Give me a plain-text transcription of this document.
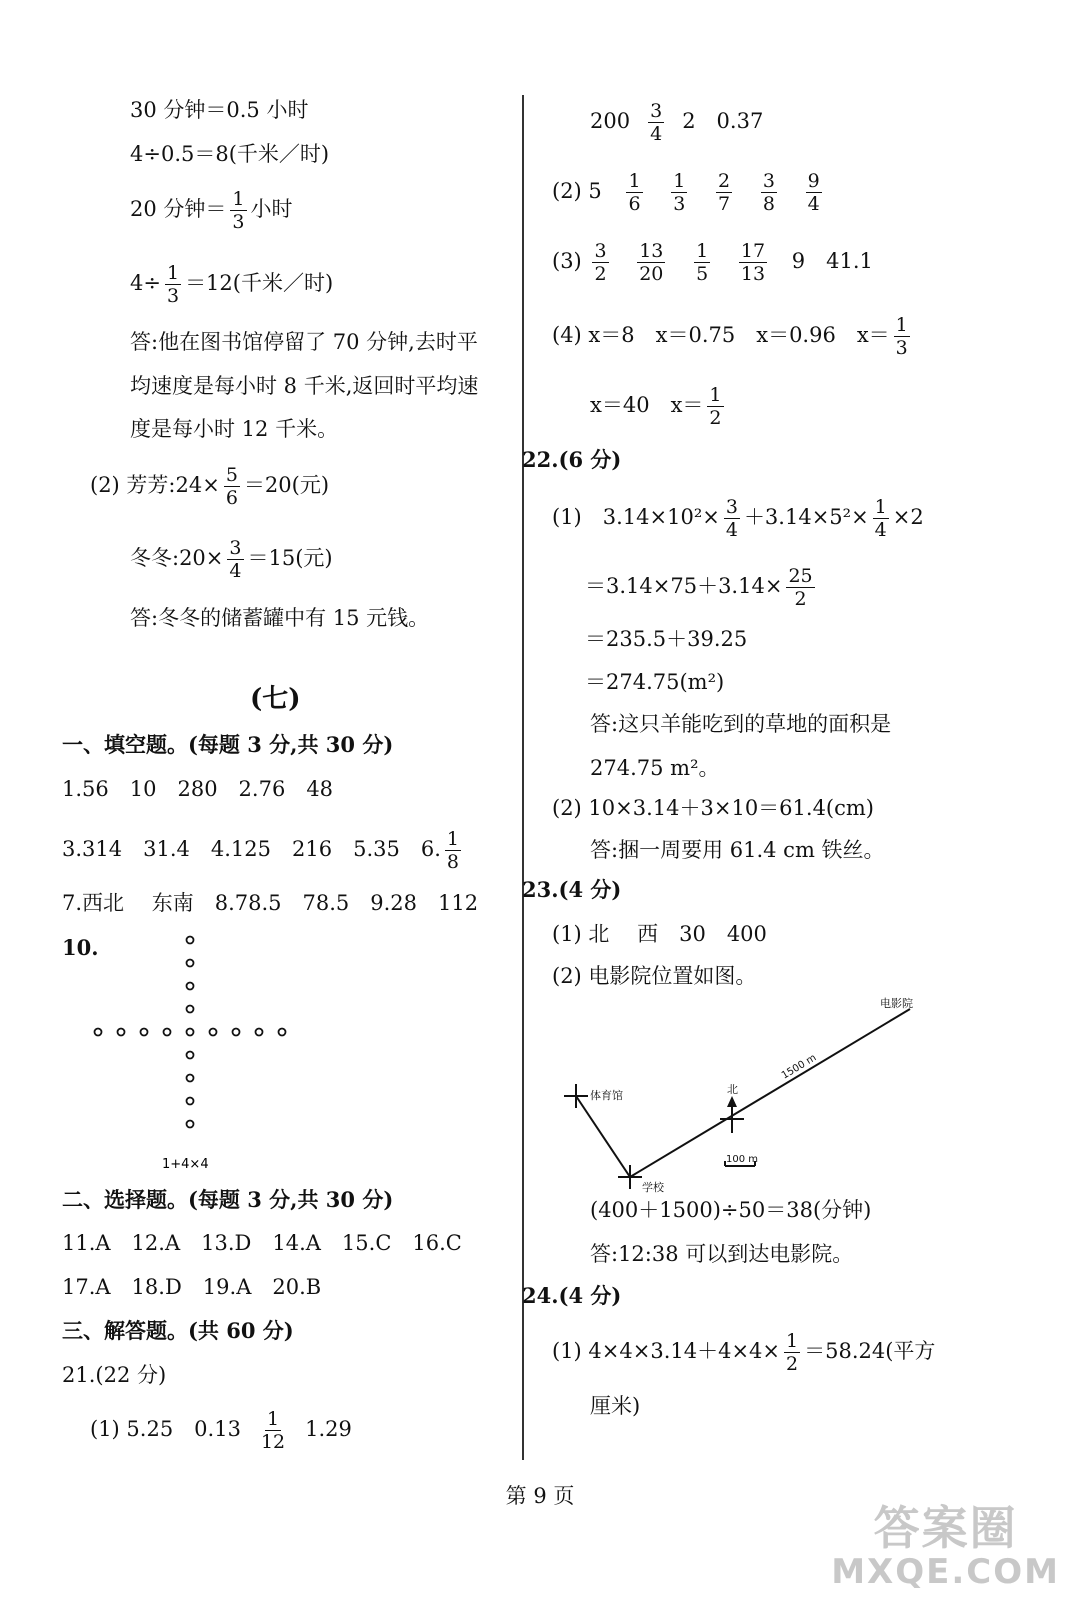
30 分钟＝0.5 小时
4÷0.5＝8(千米／时)
20 分钟＝ $\frac{1}{3}$ 小时
$4\div \frac{1}{3} =12$(千米／时)
答:他在图书馆停留了 70 分钟,去时平
均速度是每小时 8 千米,返回时平均速
度是每小时 12 千米。
(2) 芳芳:24× $\frac{5}{6} =20$(元)
冬冬:20× $\frac{3}{4} =15$(元)
答:冬冬的储蓄罐中有 15 元钱。
(七)
一、填空题。(每题 3 分,共 30 分)
1.56　10　280　2.76　48
3.314　31.4　4.125　216　5.35　6. $\frac{1}{8}$
7.西北　 东南　8.78.5　78.5　9.28　112
10.
1+4×4
二、选择题。(每题 3 分,共 30 分)
11.A　12.A　13.D　14.A　15.C　16.C
17.A　18.D　19.A　20.B
三、解答题。(共 60 分)
21.(22 分)
(1) 5.25　$0.13 \frac{1}{12} 1.29$
$200 \frac{3}{4} 2$　0.37
(2) $5 \frac{1}{6}$
$\frac{1}{3}$
$\frac{2}{7}$
$\frac{3}{8}$
$\frac{9}{4}$
$(3) \frac{3}{2}$
$\frac{13}{20}$
$\frac{1}{5}$
$\frac{17}{13} 9$　41.1
(4) x＝8　x＝0.75　x＝0.96　$x= \frac{1}{3}$
x＝40　$x= \frac{1}{2}$
22.(6 分)
(1)　$3.14\times 10^2\times \frac{3}{4} +3.14\times 5^2\times \frac{1}{4} \times 2$
$=3.14\times 75+3.14\times \frac{25}{2}$
＝235.5＋39.25
＝274.75(m²)
答:这只羊能吃到的草地的面积是
274.75 m²。
(2) 10×3.14＋3×10＝61.4(cm)
答:捆一周要用 61.4 cm 铁丝。
23.(4 分)
(1) 北　 西　30　400
(2) 电影院位置如图。
电影院
体育馆
学校
北
100 m
1500 m
(400＋1500)÷50＝38(分钟)
答:12:38 可以到达电影院。
24.(4 分)
(1) $4\times 4\times 3.14+4\times 4\times \frac{1}{2} =58.24$(平方
厘米)
第 9 页
答案圈
MXQE.COM
